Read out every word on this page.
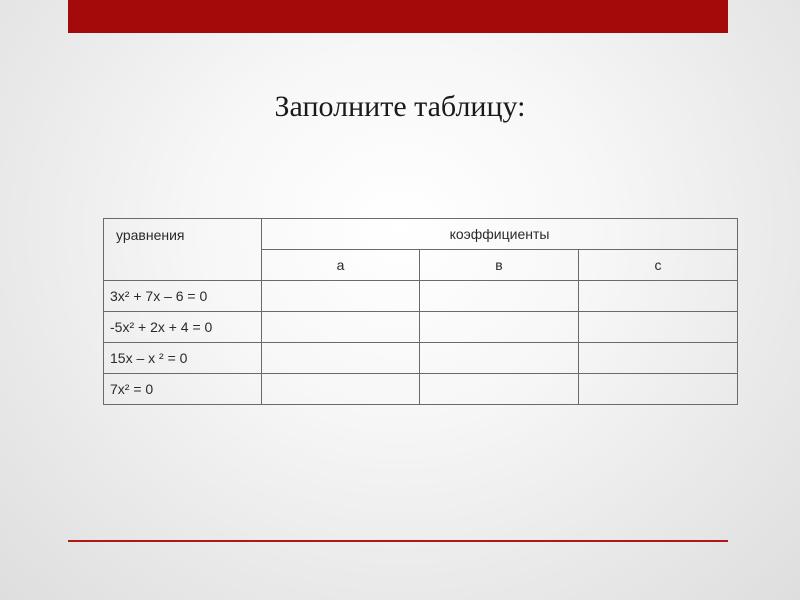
Заполните таблицу:
уравнения	коэффициенты		
	а	в	с
3x² + 7x – 6 = 0			
-5x² + 2x + 4 = 0			
15x – x ² = 0			
7x² = 0			
